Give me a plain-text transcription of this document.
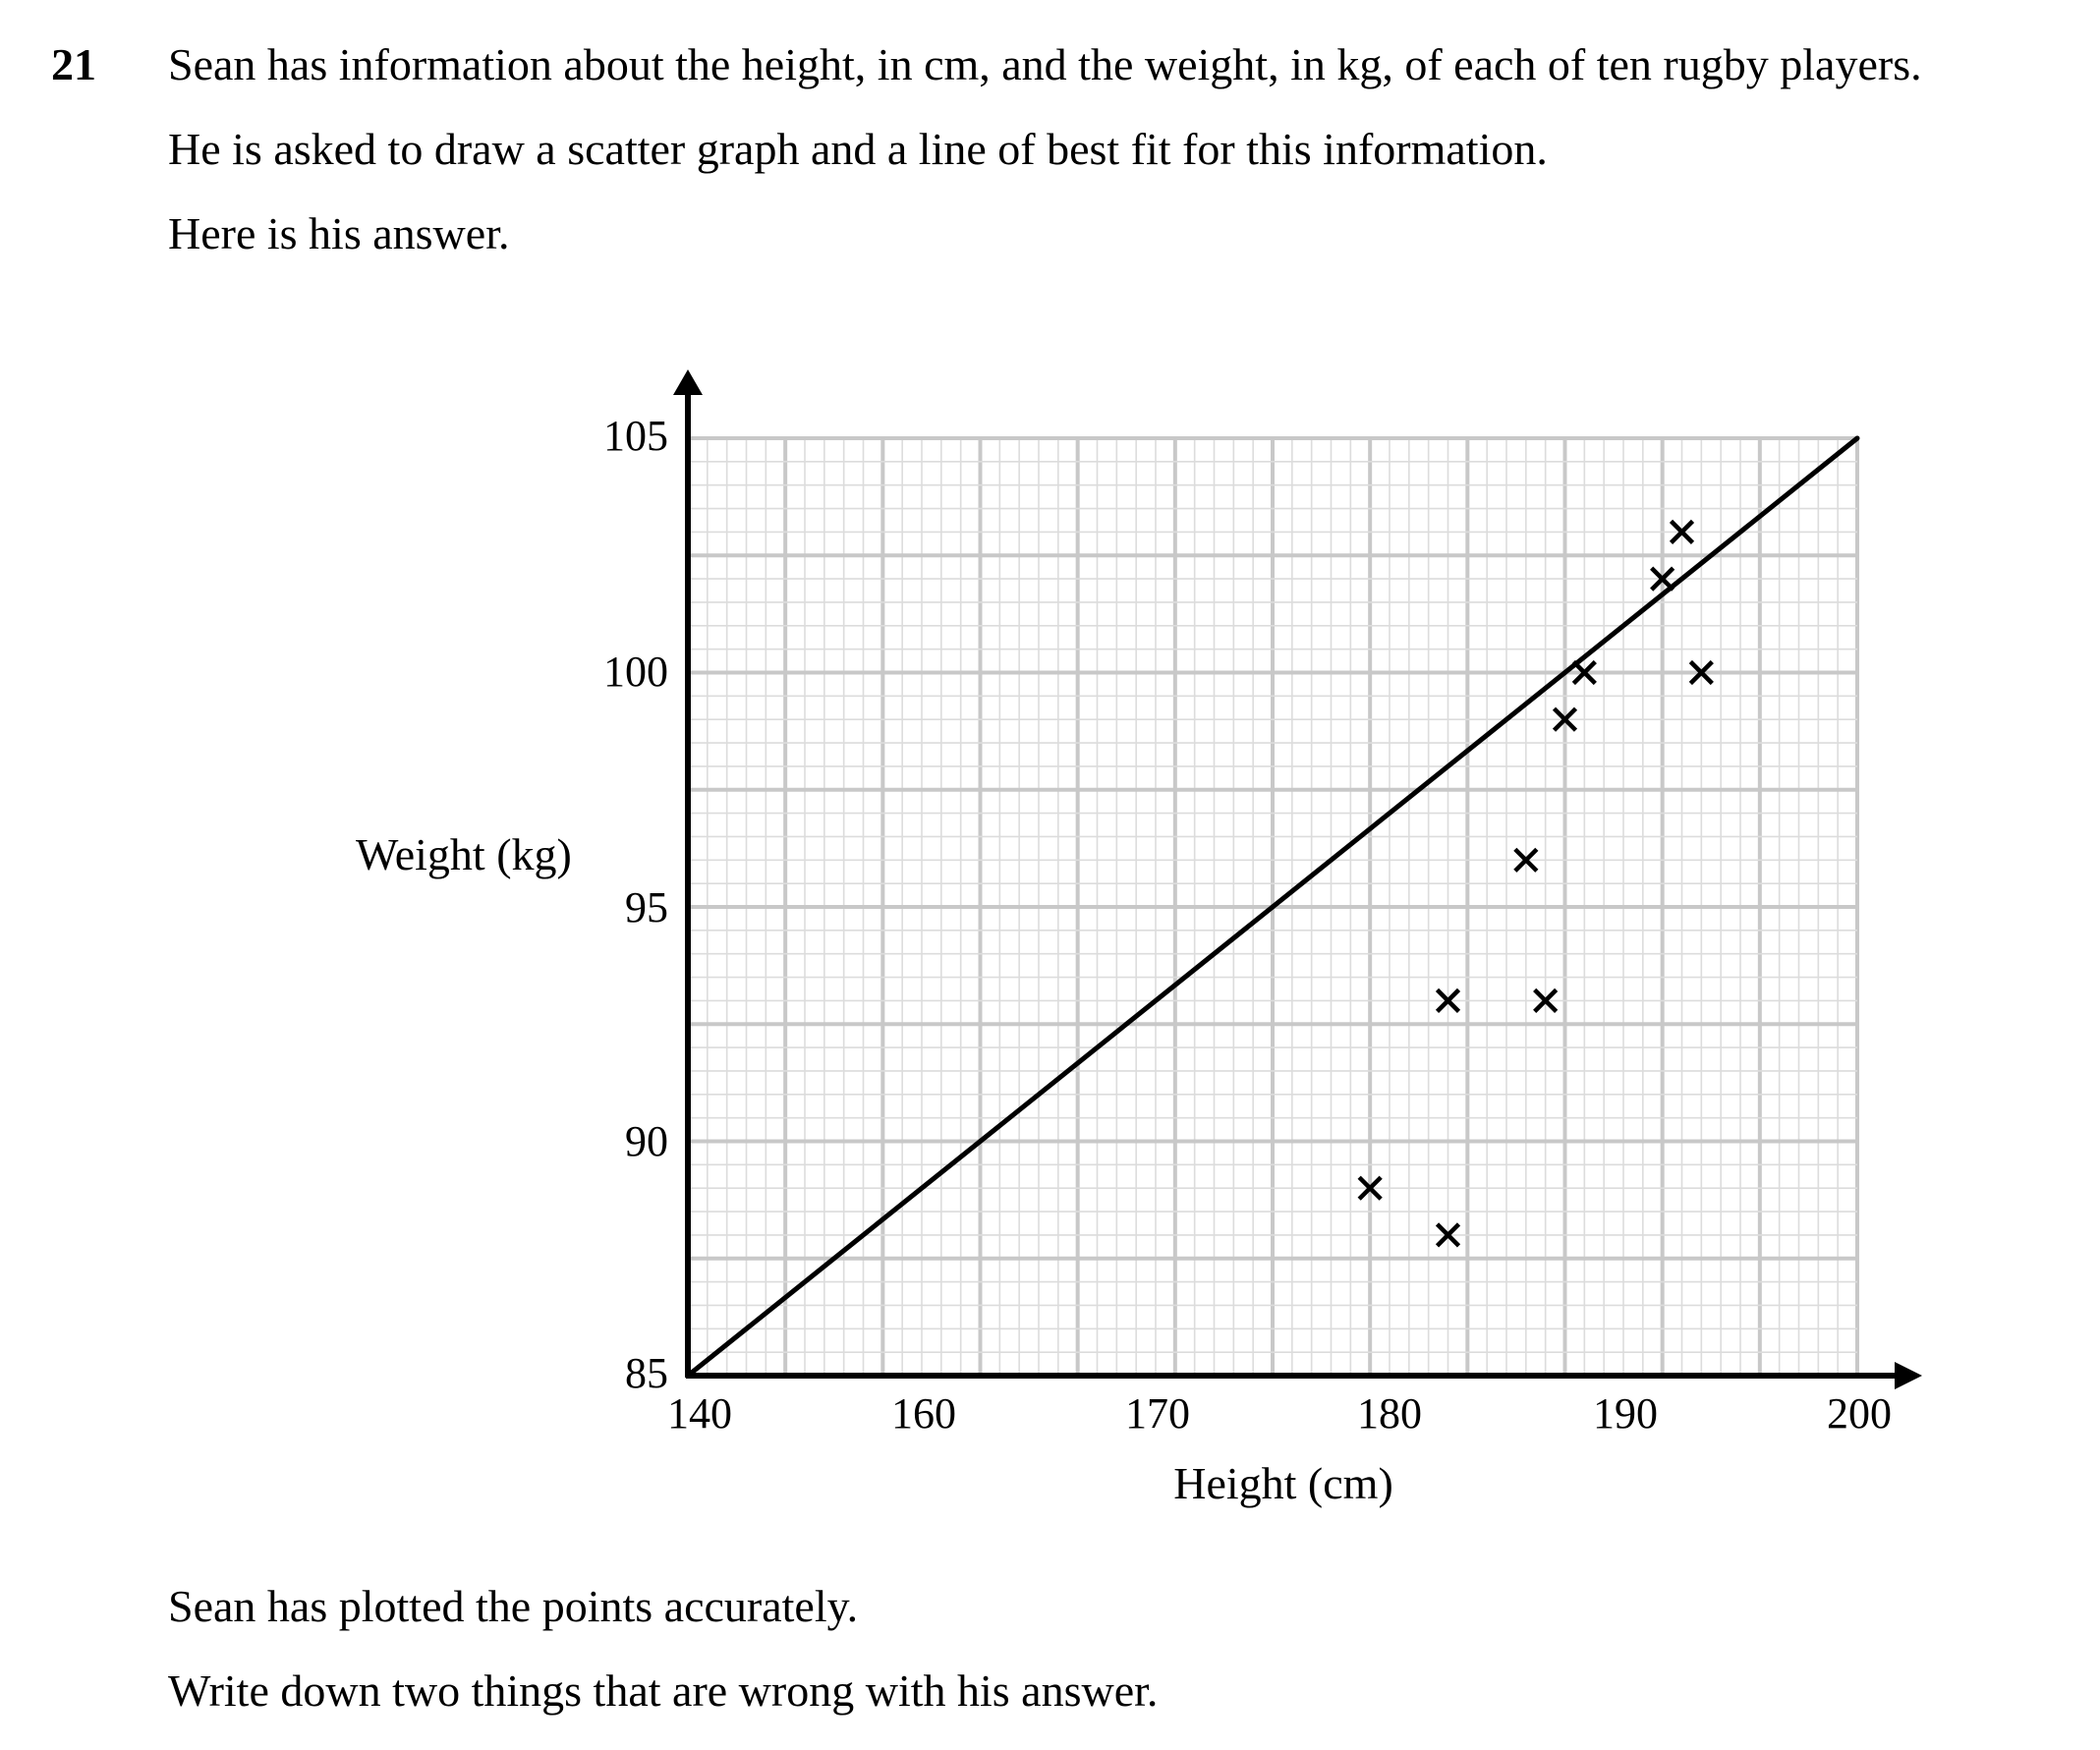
21 Sean has information about the height, in cm, and the weight, in kg, of each of ten rugby players.
He is asked to draw a scatter graph and a line of best fit for this information.
Here is his answer.
140	160	170	180	190	200
85
90
95
100
105
Height (cm)
Weight (kg)
Sean has plotted the points accurately.
Write down two things that are wrong with his answer.
